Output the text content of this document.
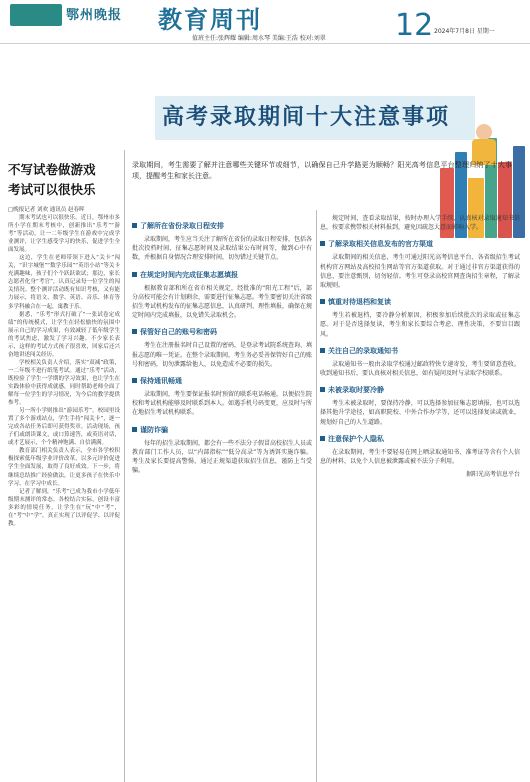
鄂州晚报 教育周刊	12 2024年7月8日 星期一
值班主任:张辉耀 编辑:周水琴 美编:王浩 校对:刘翠
高考录取期间十大注意事项
不写试卷做游戏
考试可以很快乐
□晚报记者 刘欢 通讯员 赵春晖

期末考试也可以很快乐。近日，鄂州市多所小学在期末考核中，创新推出“乐考”“游考”等活动，让一二年级学生在游戏中完成学业测评，让学生感受学习的快乐，促进学生全面发展。

这边，学生在老师带领下进入“关卡”闯关，“识字城堡”“数学乐园”“英语小站”等关卡充满趣味，孩子们个个跃跃欲试；那边，家长志愿者化身“考官”，认真记录每一位学生的闯关情况。整个测评活动既有知识考核，又有能力展示，将语文、数学、英语、音乐、体育等多学科融合在一起，寓教于乐。

据悉，“乐考”形式打破了“一张试卷定成绩”的传统模式，让学生在轻松愉快的氛围中展示自己的学习成果，有效减轻了低年级学生的考试焦虑，激发了学习兴趣。不少家长表示，这样的考试方式孩子很喜欢，回家后还兴奋地讲述闯关经历。

学校相关负责人介绍，落实“双减”政策，一二年级不进行纸笔考试。通过“乐考”活动，既检验了学生一学期的学习效果，也让学生在实践体验中获得成就感，同时帮助老师全面了解每一位学生的学习情况，为今后的教学提供参考。

另一所小学则推出“游园乐考”，校园里设置了多个游戏站点，学生手持“闯关卡”，逐一完成各站任务后即可获得奖章。活动现场，孩子们或朗读课文，或口算速答，或英语对话，或才艺展示，个个精神饱满、自信满满。

教育部门相关负责人表示，全市各学校积极探索低年级学业评价改革，以多元评价促进学生全面发展，取得了良好成效。下一步，将继续总结推广经验做法，让更多孩子在快乐中学习、在学习中成长。

记者了解到，“乐考”已成为我市小学低年级期末测评的常态。各校结合实际，创设丰富多彩的情境任务，让学生在“玩”中“考”，在“考”中“学”，真正实现了以评促学、以评促教。

录取期间，考生需要了解并注意哪些关键环节或细节，以确保自己升学路更为顺畅？阳光高考信息平台整理归纳了十大事项，提醒考生和家长注意。
了解所在省份录取日程安排

录取期间，考生应当关注了解所在省份的录取日程安排，包括各批次投档时间、征集志愿时间及录取结果公布时间等，做到心中有数，并根据自身情况合理安排时间，切勿错过关键节点。

在规定时间内完成征集志愿填报

根据教育部和所在省市相关规定，经批准的“阳光工程”后，部分高校可能会有计划剩余，需要进行征集志愿。考生要密切关注省级招生考试机构发布的征集志愿信息，认真研判、理性填报，确保在规定时间内完成填报，以免错失录取机会。

保管好自己的账号和密码

考生在注册报名时自己设置的密码，是登录考试院系统查询、填报志愿的唯一凭证。在整个录取期间，考生务必妥善保管好自己的账号和密码，切勿泄露给他人，以免造成不必要的损失。

保持通讯畅通

录取期间，考生要保证报名时预留的联系电话畅通，以便招生院校和考试机构能够及时联系到本人。如遇手机号码变更，应及时与所在地招生考试机构联系。

谨防诈骗

每年的招生录取期间，都会有一些不法分子假冒高校招生人员或教育部门工作人员，以“内部指标”“低分高录”等为诱饵实施诈骗。考生及家长要提高警惕，通过正规渠道获取招生信息，谨防上当受骗。

规定时间，查看录取结果，按时办理入学手续，认真核对录取通知书信息，按要求携带相关材料报到，避免因疏忽大意而影响入学。

了解录取相关信息发布的官方渠道

录取期间的相关信息，考生可通过阳光高考信息平台、各省级招生考试机构官方网站及高校招生网站等官方渠道获取。对于通过非官方渠道获得的信息，要注意甄别，切勿轻信。考生可登录高校官网查询招生章程，了解录取规则。

慎重对待退档和复读

考生若被退档，要冷静分析原因，积极参加后续批次的录取或征集志愿。对于是否选择复读，考生和家长要综合考虑、理性决策，不要盲目跟风。

关注自己的录取通知书

录取通知书一般由录取学校通过邮政特快专递寄发，考生要留意查收。收到通知书后，要认真核对相关信息，如有疑问及时与录取学校联系。

未被录取时要冷静

考生未被录取时，要保持冷静，可以选择参加征集志愿填报，也可以选择其他升学途径，如高职院校、中外合作办学等，还可以选择复读或就业，规划好自己的人生道路。

注意保护个人隐私

在录取期间，考生不要轻易在网上晒录取通知书、准考证等含有个人信息的材料，以免个人信息被泄露或被不法分子利用。

据阳光高考信息平台
